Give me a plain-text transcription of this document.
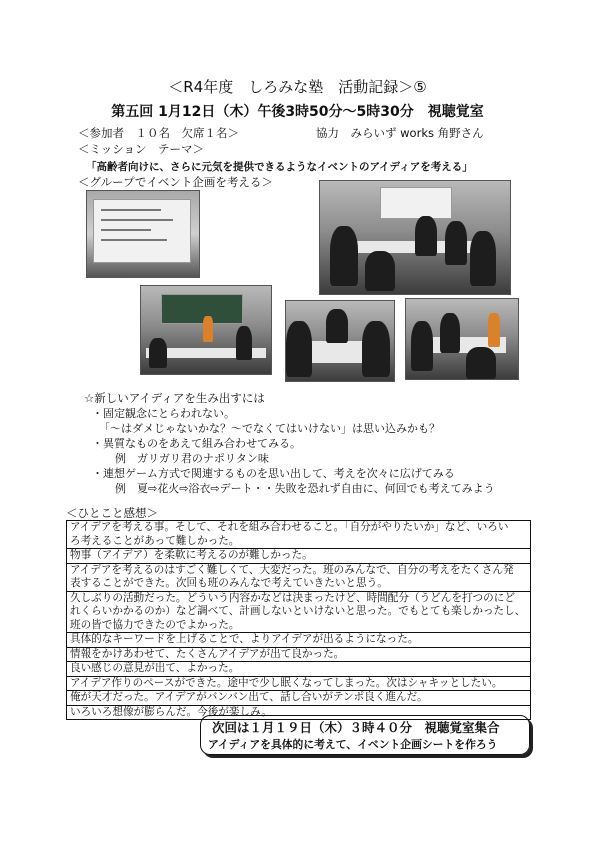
＜R4年度　しろみな塾　活動記録＞⑤
第五回 1月12日（木）午後3時50分～5時30分　視聴覚室
＜参加者　１０名　欠席１名＞	協力　みらいず works 角野さん
＜ミッション　テーマ＞
「高齢者向けに、さらに元気を提供できるようなイベントのアイディアを考える」
＜グループでイベント企画を考える＞
☆新しいアイディアを生み出すには
・固定観念にとらわれない。
「～はダメじゃないかな？～でなくてはいけない」は思い込みかも？
・異質なものをあえて組み合わせてみる。
例　ガリガリ君のナポリタン味
・連想ゲーム方式で関連するものを思い出して、考えを次々に広げてみる
例　夏⇨花火⇨浴衣⇨デート・・失敗を恐れず自由に、何回でも考えてみよう
＜ひとこと感想＞
アイデアを考える事。そして、それを組み合わせること。「自分がやりたいか」など、いろい
ろ考えることがあって難しかった。
物事（アイデア）を柔軟に考えるのが難しかった。
アイデアを考えるのはすごく難しくて、大変だった。班のみんなで、自分の考えをたくさん発
表することができた。次回も班のみんなで考えていきたいと思う。
久しぶりの活動だった。どういう内容かなどは決まったけど、時間配分（うどんを打つのにど
れくらいかかるのか）など調べて、計画しないといけないと思った。でもとても楽しかったし、
班の皆で協力できたのでよかった。
具体的なキーワードを上げることで、よりアイデアが出るようになった。
情報をかけあわせて、たくさんアイデアが出て良かった。
良い感じの意見が出て、よかった。
アイデア作りのペースができた。途中で少し眠くなってしまった。次はシャキッとしたい。
俺が天才だった。アイデアがバンバン出て、話し合いがテンポ良く進んだ。
いろいろ想像が膨らんだ。今後が楽しみ。
次回は１月１９日（木）３時４０分　視聴覚室集合
アイディアを具体的に考えて、イベント企画シートを作ろう
